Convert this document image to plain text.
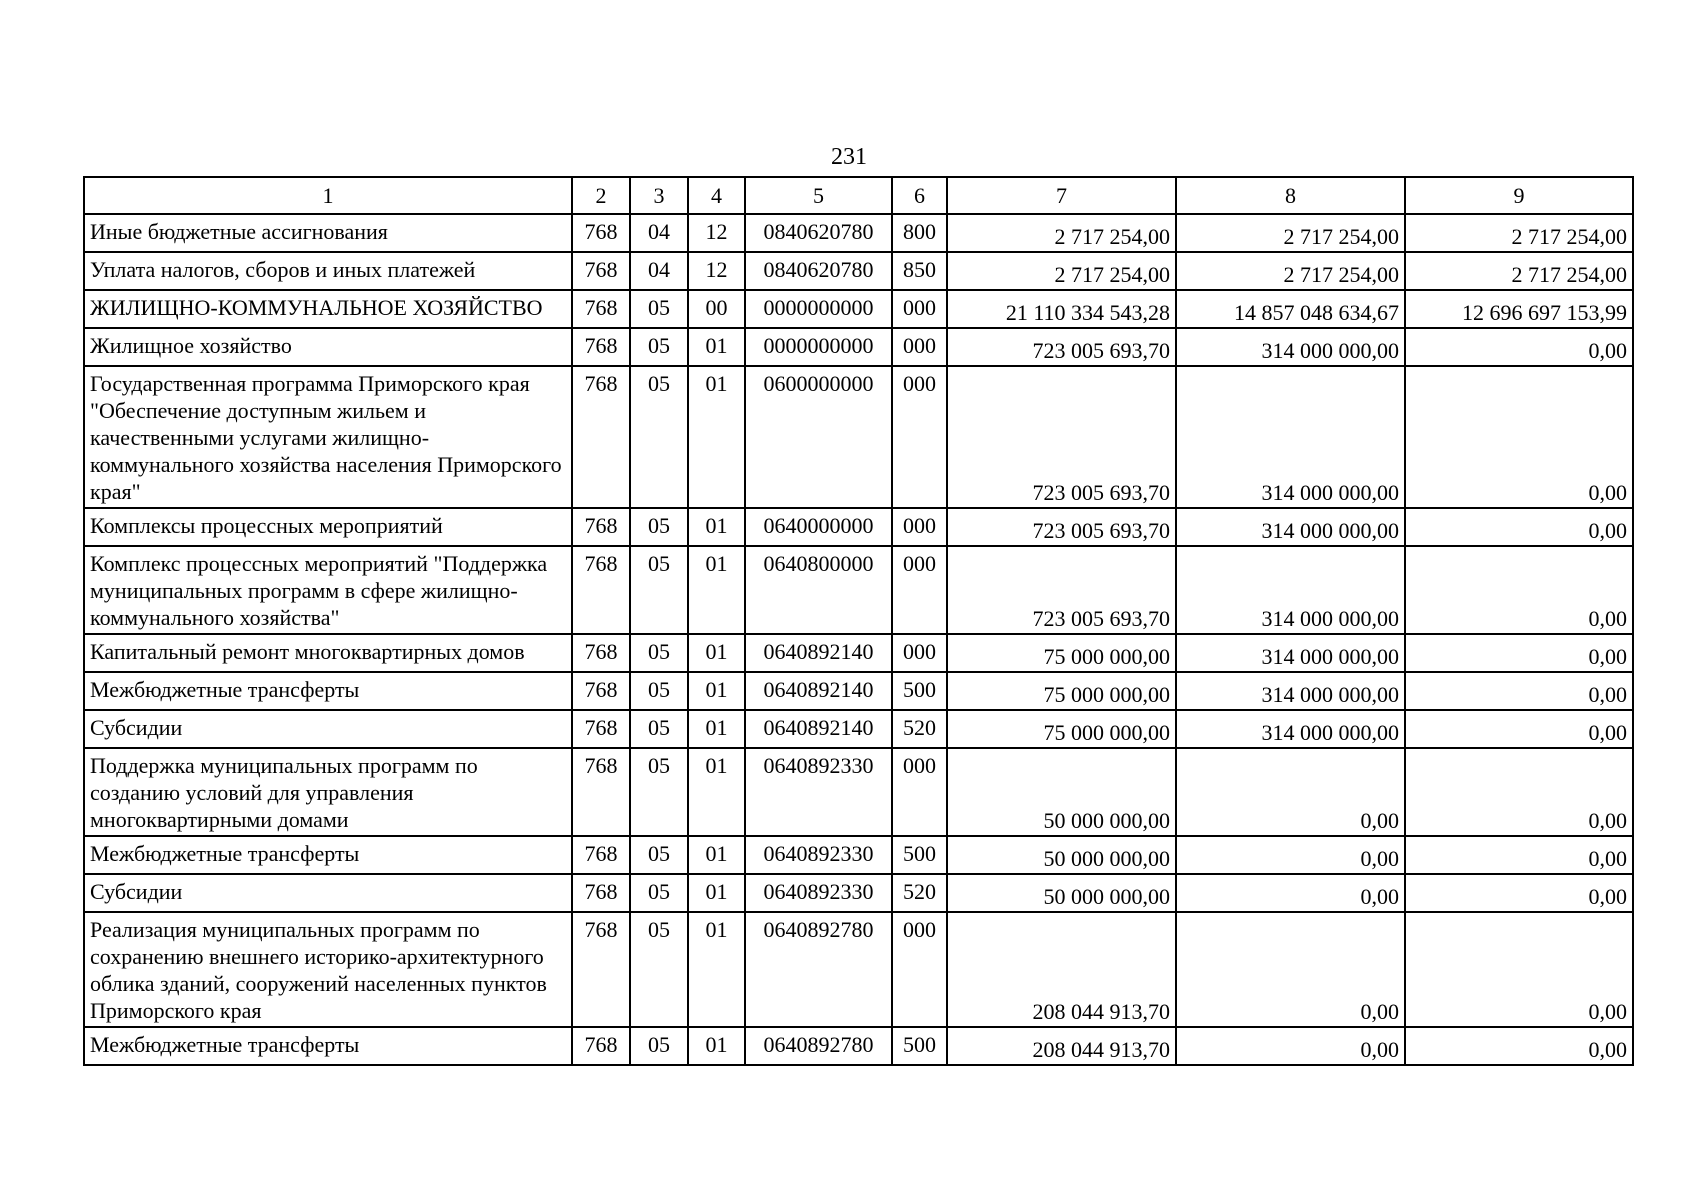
231
1	2	3	4	5	6	7	8	9
Иные бюджетные ассигнования	768	04	12	0840620780	800	2 717 254,00	2 717 254,00	2 717 254,00
Уплата налогов, сборов и иных платежей	768	04	12	0840620780	850	2 717 254,00	2 717 254,00	2 717 254,00
ЖИЛИЩНО-КОММУНАЛЬНОЕ ХОЗЯЙСТВО	768	05	00	0000000000	000	21 110 334 543,28	14 857 048 634,67	12 696 697 153,99
Жилищное хозяйство	768	05	01	0000000000	000	723 005 693,70	314 000 000,00	0,00
Государственная программа Приморского края "Обеспечение доступным жильем и качественными услугами жилищно-коммунального хозяйства населения Приморского края"	768	05	01	0600000000	000	723 005 693,70	314 000 000,00	0,00
Комплексы процессных мероприятий	768	05	01	0640000000	000	723 005 693,70	314 000 000,00	0,00
Комплекс процессных мероприятий "Поддержка муниципальных программ в сфере жилищно-коммунального хозяйства"	768	05	01	0640800000	000	723 005 693,70	314 000 000,00	0,00
Капитальный ремонт многоквартирных домов	768	05	01	0640892140	000	75 000 000,00	314 000 000,00	0,00
Межбюджетные трансферты	768	05	01	0640892140	500	75 000 000,00	314 000 000,00	0,00
Субсидии	768	05	01	0640892140	520	75 000 000,00	314 000 000,00	0,00
Поддержка муниципальных программ по созданию условий для управления многоквартирными домами	768	05	01	0640892330	000	50 000 000,00	0,00	0,00
Межбюджетные трансферты	768	05	01	0640892330	500	50 000 000,00	0,00	0,00
Субсидии	768	05	01	0640892330	520	50 000 000,00	0,00	0,00
Реализация муниципальных программ по сохранению внешнего историко-архитектурного облика зданий, сооружений населенных пунктов Приморского края	768	05	01	0640892780	000	208 044 913,70	0,00	0,00
Межбюджетные трансферты	768	05	01	0640892780	500	208 044 913,70	0,00	0,00
